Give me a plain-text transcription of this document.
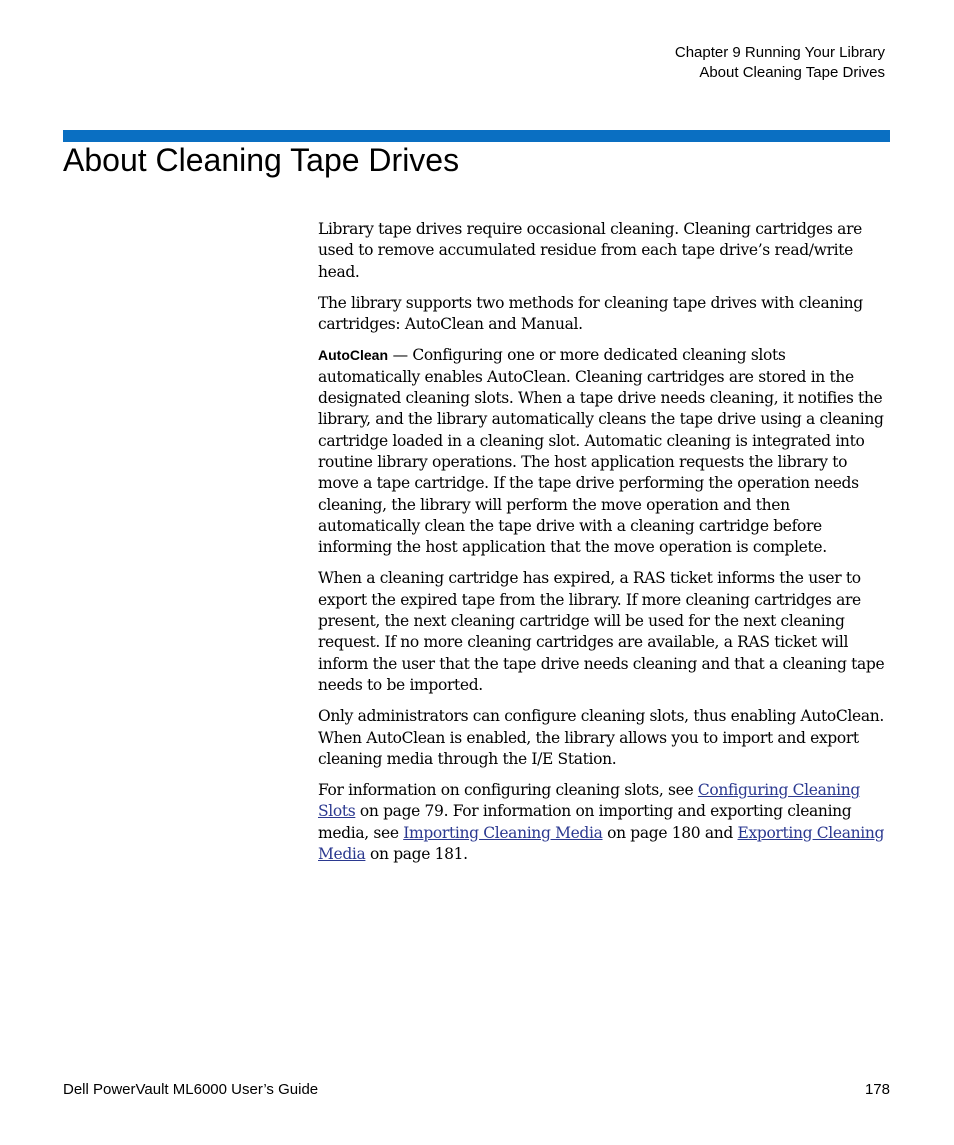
Chapter 9 Running Your Library
About Cleaning Tape Drives
About Cleaning Tape Drives

Library tape drives require occasional cleaning. Cleaning cartridges are used to remove accumulated residue from each tape drive’s read/write head.

The library supports two methods for cleaning tape drives with cleaning cartridges: AutoClean and Manual.

AutoClean — Configuring one or more dedicated cleaning slots automatically enables AutoClean. Cleaning cartridges are stored in the designated cleaning slots. When a tape drive needs cleaning, it notifies the library, and the library automatically cleans the tape drive using a cleaning cartridge loaded in a cleaning slot. Automatic cleaning is integrated into routine library operations. The host application requests the library to move a tape cartridge. If the tape drive performing the operation needs cleaning, the library will perform the move operation and then automatically clean the tape drive with a cleaning cartridge before informing the host application that the move operation is complete.

When a cleaning cartridge has expired, a RAS ticket informs the user to export the expired tape from the library. If more cleaning cartridges are present, the next cleaning cartridge will be used for the next cleaning request. If no more cleaning cartridges are available, a RAS ticket will inform the user that the tape drive needs cleaning and that a cleaning tape needs to be imported.

Only administrators can configure cleaning slots, thus enabling AutoClean. When AutoClean is enabled, the library allows you to import and export cleaning media through the I/E Station.

For information on configuring cleaning slots, see Configuring Cleaning Slots on page 79. For information on importing and exporting cleaning media, see Importing Cleaning Media on page 180 and Exporting Cleaning Media on page 181.

Dell PowerVault ML6000 User’s Guide	178
